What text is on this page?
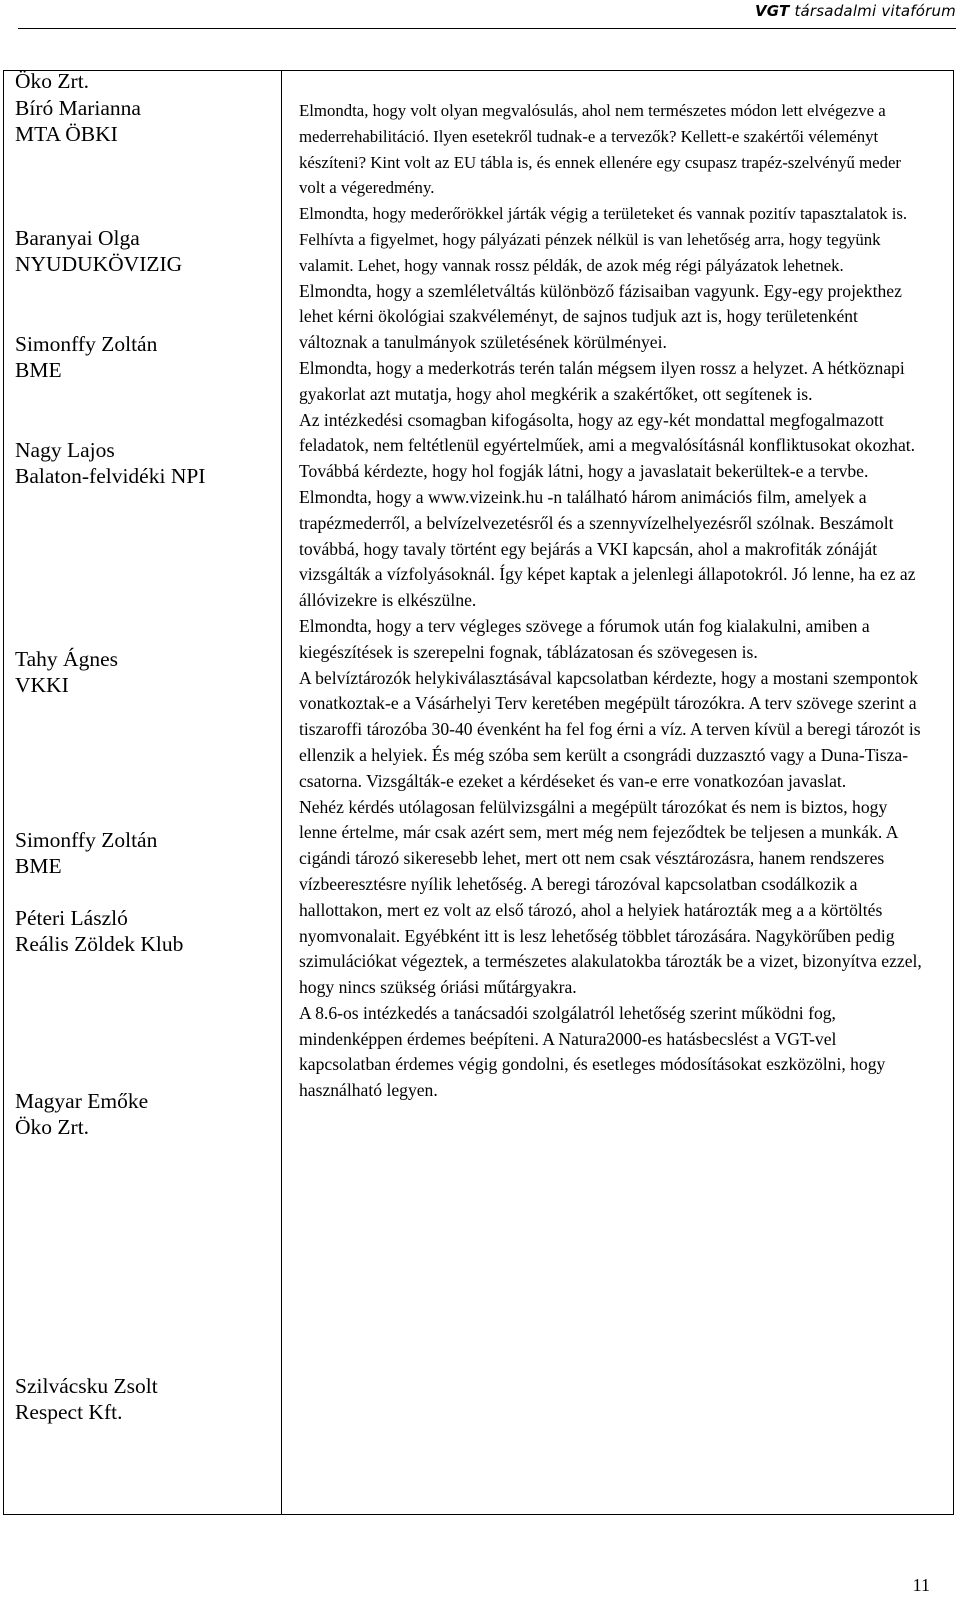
VGT társadalmi vitafórum
Öko Zrt.
Bíró Marianna
MTA ÖBKI
Baranyai Olga
NYUDUKÖVIZIG
Simonffy Zoltán
BME
Nagy Lajos
Balaton-felvidéki NPI
Tahy Ágnes
VKKI
Simonffy Zoltán
BME
Péteri László
Reális Zöldek Klub
Magyar Emőke
Öko Zrt.
Szilvácsku Zsolt
Respect Kft.

Elmondta, hogy volt olyan megvalósulás, ahol nem természetes módon lett elvégezve a mederrehabilitáció. Ilyen esetekről tudnak-e a tervezők? Kellett-e szakértői véleményt készíteni? Kint volt az EU tábla is, és ennek ellenére egy csupasz trapéz-szelvényű meder volt a végeredmény.

Elmondta, hogy mederőrökkel járták végig a területeket és vannak pozitív tapasztalatok is. Felhívta a figyelmet, hogy pályázati pénzek nélkül is van lehetőség arra, hogy tegyünk valamit. Lehet, hogy vannak rossz példák, de azok még régi pályázatok lehetnek.

Elmondta, hogy a szemléletváltás különböző fázisaiban vagyunk. Egy-egy projekthez lehet kérni ökológiai szakvéleményt, de sajnos tudjuk azt is, hogy területenként változnak a tanulmányok születésének körülményei.

Elmondta, hogy a mederkotrás terén talán mégsem ilyen rossz a helyzet. A hétköznapi gyakorlat azt mutatja, hogy ahol megkérik a szakértőket, ott segítenek is.

Az intézkedési csomagban kifogásolta, hogy az egy-két mondattal megfogalmazott feladatok, nem feltétlenül egyértelműek, ami a megvalósításnál konfliktusokat okozhat. Továbbá kérdezte, hogy hol fogják látni, hogy a javaslatait bekerültek-e a tervbe.

Elmondta, hogy a www.vizeink.hu -n található három animációs film, amelyek a trapézmederről, a belvízelvezetésről és a szennyvízelhelyezésről szólnak. Beszámolt továbbá, hogy tavaly történt egy bejárás a VKI kapcsán, ahol a makrofiták zónáját vizsgálták a vízfolyásoknál. Így képet kaptak a jelenlegi állapotokról. Jó lenne, ha ez az állóvizekre is elkészülne.

Elmondta, hogy a terv végleges szövege a fórumok után fog kialakulni, amiben a kiegészítések is szerepelni fognak, táblázatosan és szövegesen is.

A belvíztározók helykiválasztásával kapcsolatban kérdezte, hogy a mostani szempontok vonatkoztak-e a Vásárhelyi Terv keretében megépült tározókra. A terv szövege szerint a tiszaroffi tározóba 30-40 évenként ha fel fog érni a víz. A terven kívül a beregi tározót is ellenzik a helyiek. És még szóba sem került a csongrádi duzzasztó vagy a Duna-Tisza-csatorna. Vizsgálták-e ezeket a kérdéseket és van-e erre vonatkozóan javaslat.

Nehéz kérdés utólagosan felülvizsgálni a megépült tározókat és nem is biztos, hogy lenne értelme, már csak azért sem, mert még nem fejeződtek be teljesen a munkák. A cigándi tározó sikeresebb lehet, mert ott nem csak vésztározásra, hanem rendszeres vízbeeresztésre nyílik lehetőség. A beregi tározóval kapcsolatban csodálkozik a hallottakon, mert ez volt az első tározó, ahol a helyiek határozták meg a a körtöltés nyomvonalait. Egyébként itt is lesz lehetőség többlet tározására. Nagykörűben pedig szimulációkat végeztek, a természetes alakulatokba tározták be a vizet, bizonyítva ezzel, hogy nincs szükség óriási műtárgyakra.

A 8.6-os intézkedés a tanácsadói szolgálatról lehetőség szerint működni fog, mindenképpen érdemes beépíteni. A Natura2000-es hatásbecslést a VGT-vel kapcsolatban érdemes végig gondolni, és esetleges módosításokat eszközölni, hogy használható legyen.

11
